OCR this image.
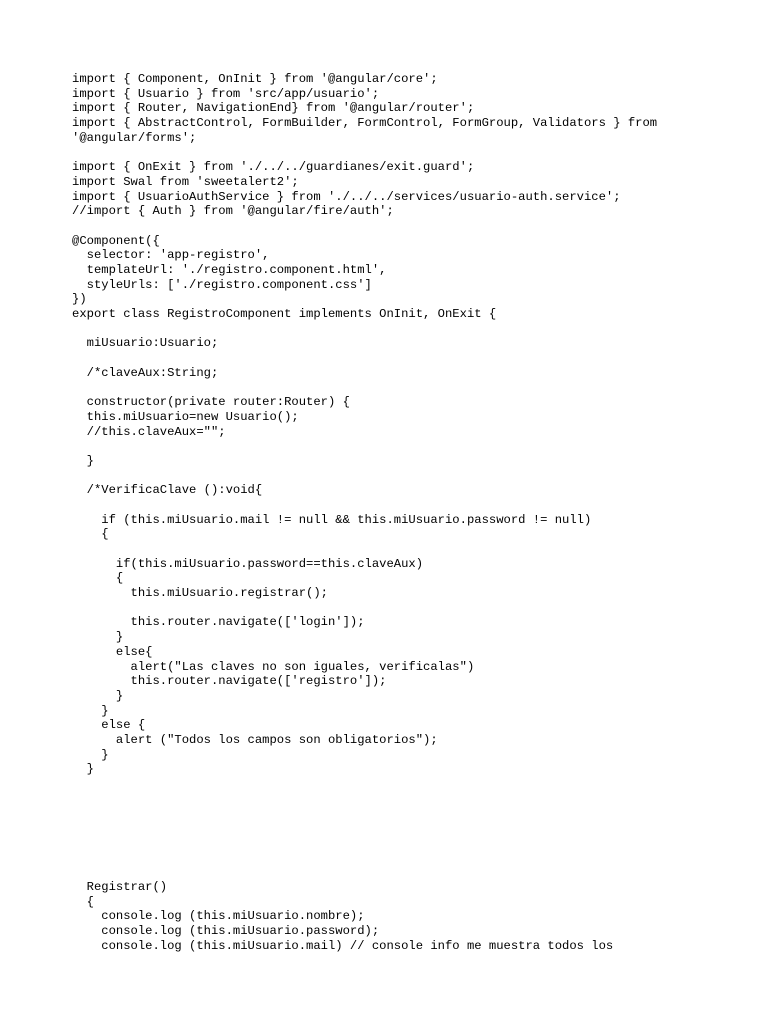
import { Component, OnInit } from '@angular/core';
import { Usuario } from 'src/app/usuario';
import { Router, NavigationEnd} from '@angular/router';
import { AbstractControl, FormBuilder, FormControl, FormGroup, Validators } from
'@angular/forms';

import { OnExit } from './../../guardianes/exit.guard';
import Swal from 'sweetalert2';
import { UsuarioAuthService } from './../../services/usuario-auth.service';
//import { Auth } from '@angular/fire/auth';

@Component({
selector: 'app-registro',
templateUrl: './registro.component.html',
styleUrls: ['./registro.component.css']
})
export class RegistroComponent implements OnInit, OnExit {

miUsuario:Usuario;

/*claveAux:String;

constructor(private router:Router) {
this.miUsuario=new Usuario();
//this.claveAux="";

}

/*VerificaClave ():void{

if (this.miUsuario.mail != null && this.miUsuario.password != null)
{

if(this.miUsuario.password==this.claveAux)
{
this.miUsuario.registrar();

this.router.navigate(['login']);
}
else{
alert("Las claves no son iguales, verificalas")
this.router.navigate(['registro']);
}
}
else {
alert ("Todos los campos son obligatorios");
}
}

Registrar()
{
console.log (this.miUsuario.nombre);
console.log (this.miUsuario.password);
console.log (this.miUsuario.mail) // console info me muestra todos los
